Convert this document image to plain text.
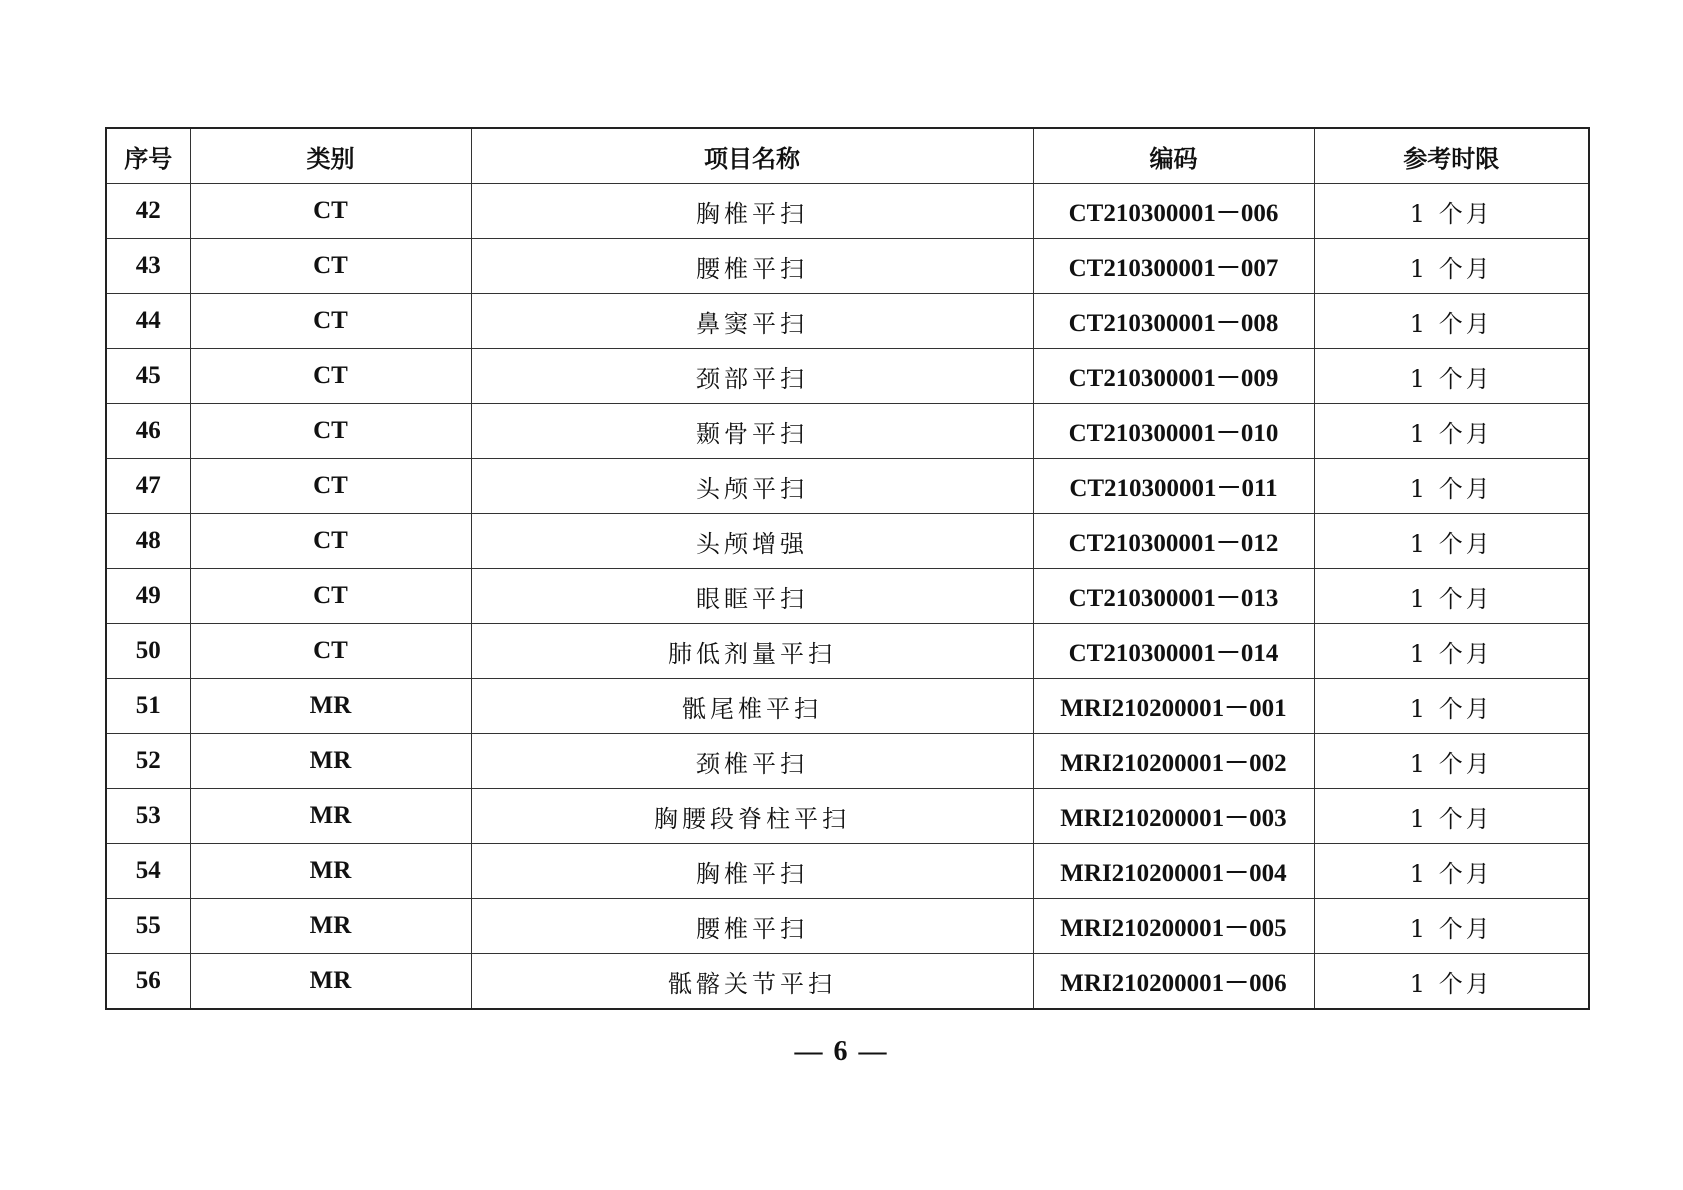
序号	类别	项目名称	编码	参考时限
42	CT	胸椎平扫	CT210300001－006	1 个月
43	CT	腰椎平扫	CT210300001－007	1 个月
44	CT	鼻窦平扫	CT210300001－008	1 个月
45	CT	颈部平扫	CT210300001－009	1 个月
46	CT	颞骨平扫	CT210300001－010	1 个月
47	CT	头颅平扫	CT210300001－011	1 个月
48	CT	头颅增强	CT210300001－012	1 个月
49	CT	眼眶平扫	CT210300001－013	1 个月
50	CT	肺低剂量平扫	CT210300001－014	1 个月
51	MR	骶尾椎平扫	MRI210200001－001	1 个月
52	MR	颈椎平扫	MRI210200001－002	1 个月
53	MR	胸腰段脊柱平扫	MRI210200001－003	1 个月
54	MR	胸椎平扫	MRI210200001－004	1 个月
55	MR	腰椎平扫	MRI210200001－005	1 个月
56	MR	骶髂关节平扫	MRI210200001－006	1 个月
— 6 —
